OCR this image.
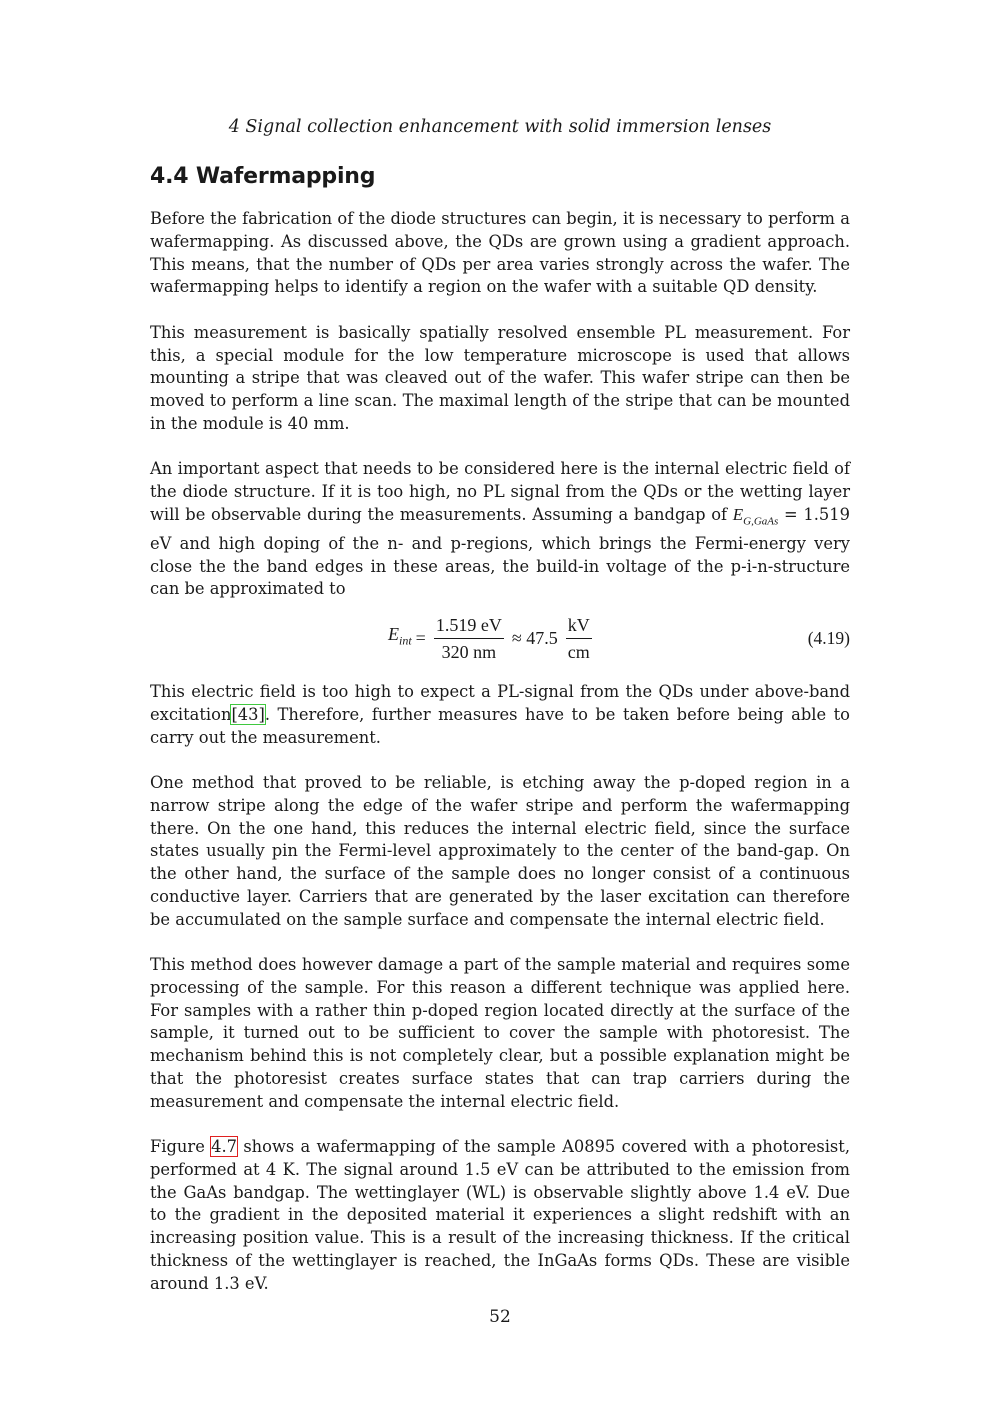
4 Signal collection enhancement with solid immersion lenses
4.4 Wafermapping

Before the fabrication of the diode structures can begin, it is necessary to perform a wafermapping. As discussed above, the QDs are grown using a gradient approach. This means, that the number of QDs per area varies strongly across the wafer. The wafermapping helps to identify a region on the wafer with a suitable QD density.

This measurement is basically spatially resolved ensemble PL measurement. For this, a special module for the low temperature microscope is used that allows mounting a stripe that was cleaved out of the wafer. This wafer stripe can then be moved to perform a line scan. The maximal length of the stripe that can be mounted in the module is 40 mm.

An important aspect that needs to be considered here is the internal electric field of the diode structure. If it is too high, no PL signal from the QDs or the wetting layer will be observable during the measurements. Assuming a bandgap of $E_{G,GaAs} = 1.519$ eV and high doping of the n- and p-regions, which brings the Fermi-energy very close the the band edges in these areas, the build-in voltage of the p-i-n-structure can be approximated to

$E_{int} = \frac{1.519 eV}{320 nm} \approx 47.5 \frac{kV}{cm}$	(4.19)

This electric field is too high to expect a PL-signal from the QDs under above-band excitation[43]. Therefore, further measures have to be taken before being able to carry out the measurement.

One method that proved to be reliable, is etching away the p-doped region in a narrow stripe along the edge of the wafer stripe and perform the wafermapping there. On the one hand, this reduces the internal electric field, since the surface states usually pin the Fermi-level approximately to the center of the band-gap. On the other hand, the surface of the sample does no longer consist of a continuous conductive layer. Carriers that are generated by the laser excitation can therefore be accumulated on the sample surface and compensate the internal electric field.

This method does however damage a part of the sample material and requires some processing of the sample. For this reason a different technique was applied here. For samples with a rather thin p-doped region located directly at the surface of the sample, it turned out to be sufficient to cover the sample with photoresist. The mechanism behind this is not completely clear, but a possible explanation might be that the photoresist creates surface states that can trap carriers during the measurement and compensate the internal electric field.

Figure 4.7 shows a wafermapping of the sample A0895 covered with a photoresist, performed at 4 K. The signal around 1.5 eV can be attributed to the emission from the GaAs bandgap. The wettinglayer (WL) is observable slightly above 1.4 eV. Due to the gradient in the deposited material it experiences a slight redshift with an increasing position value. This is a result of the increasing thickness. If the critical thickness of the wettinglayer is reached, the InGaAs forms QDs. These are visible around 1.3 eV.

52
